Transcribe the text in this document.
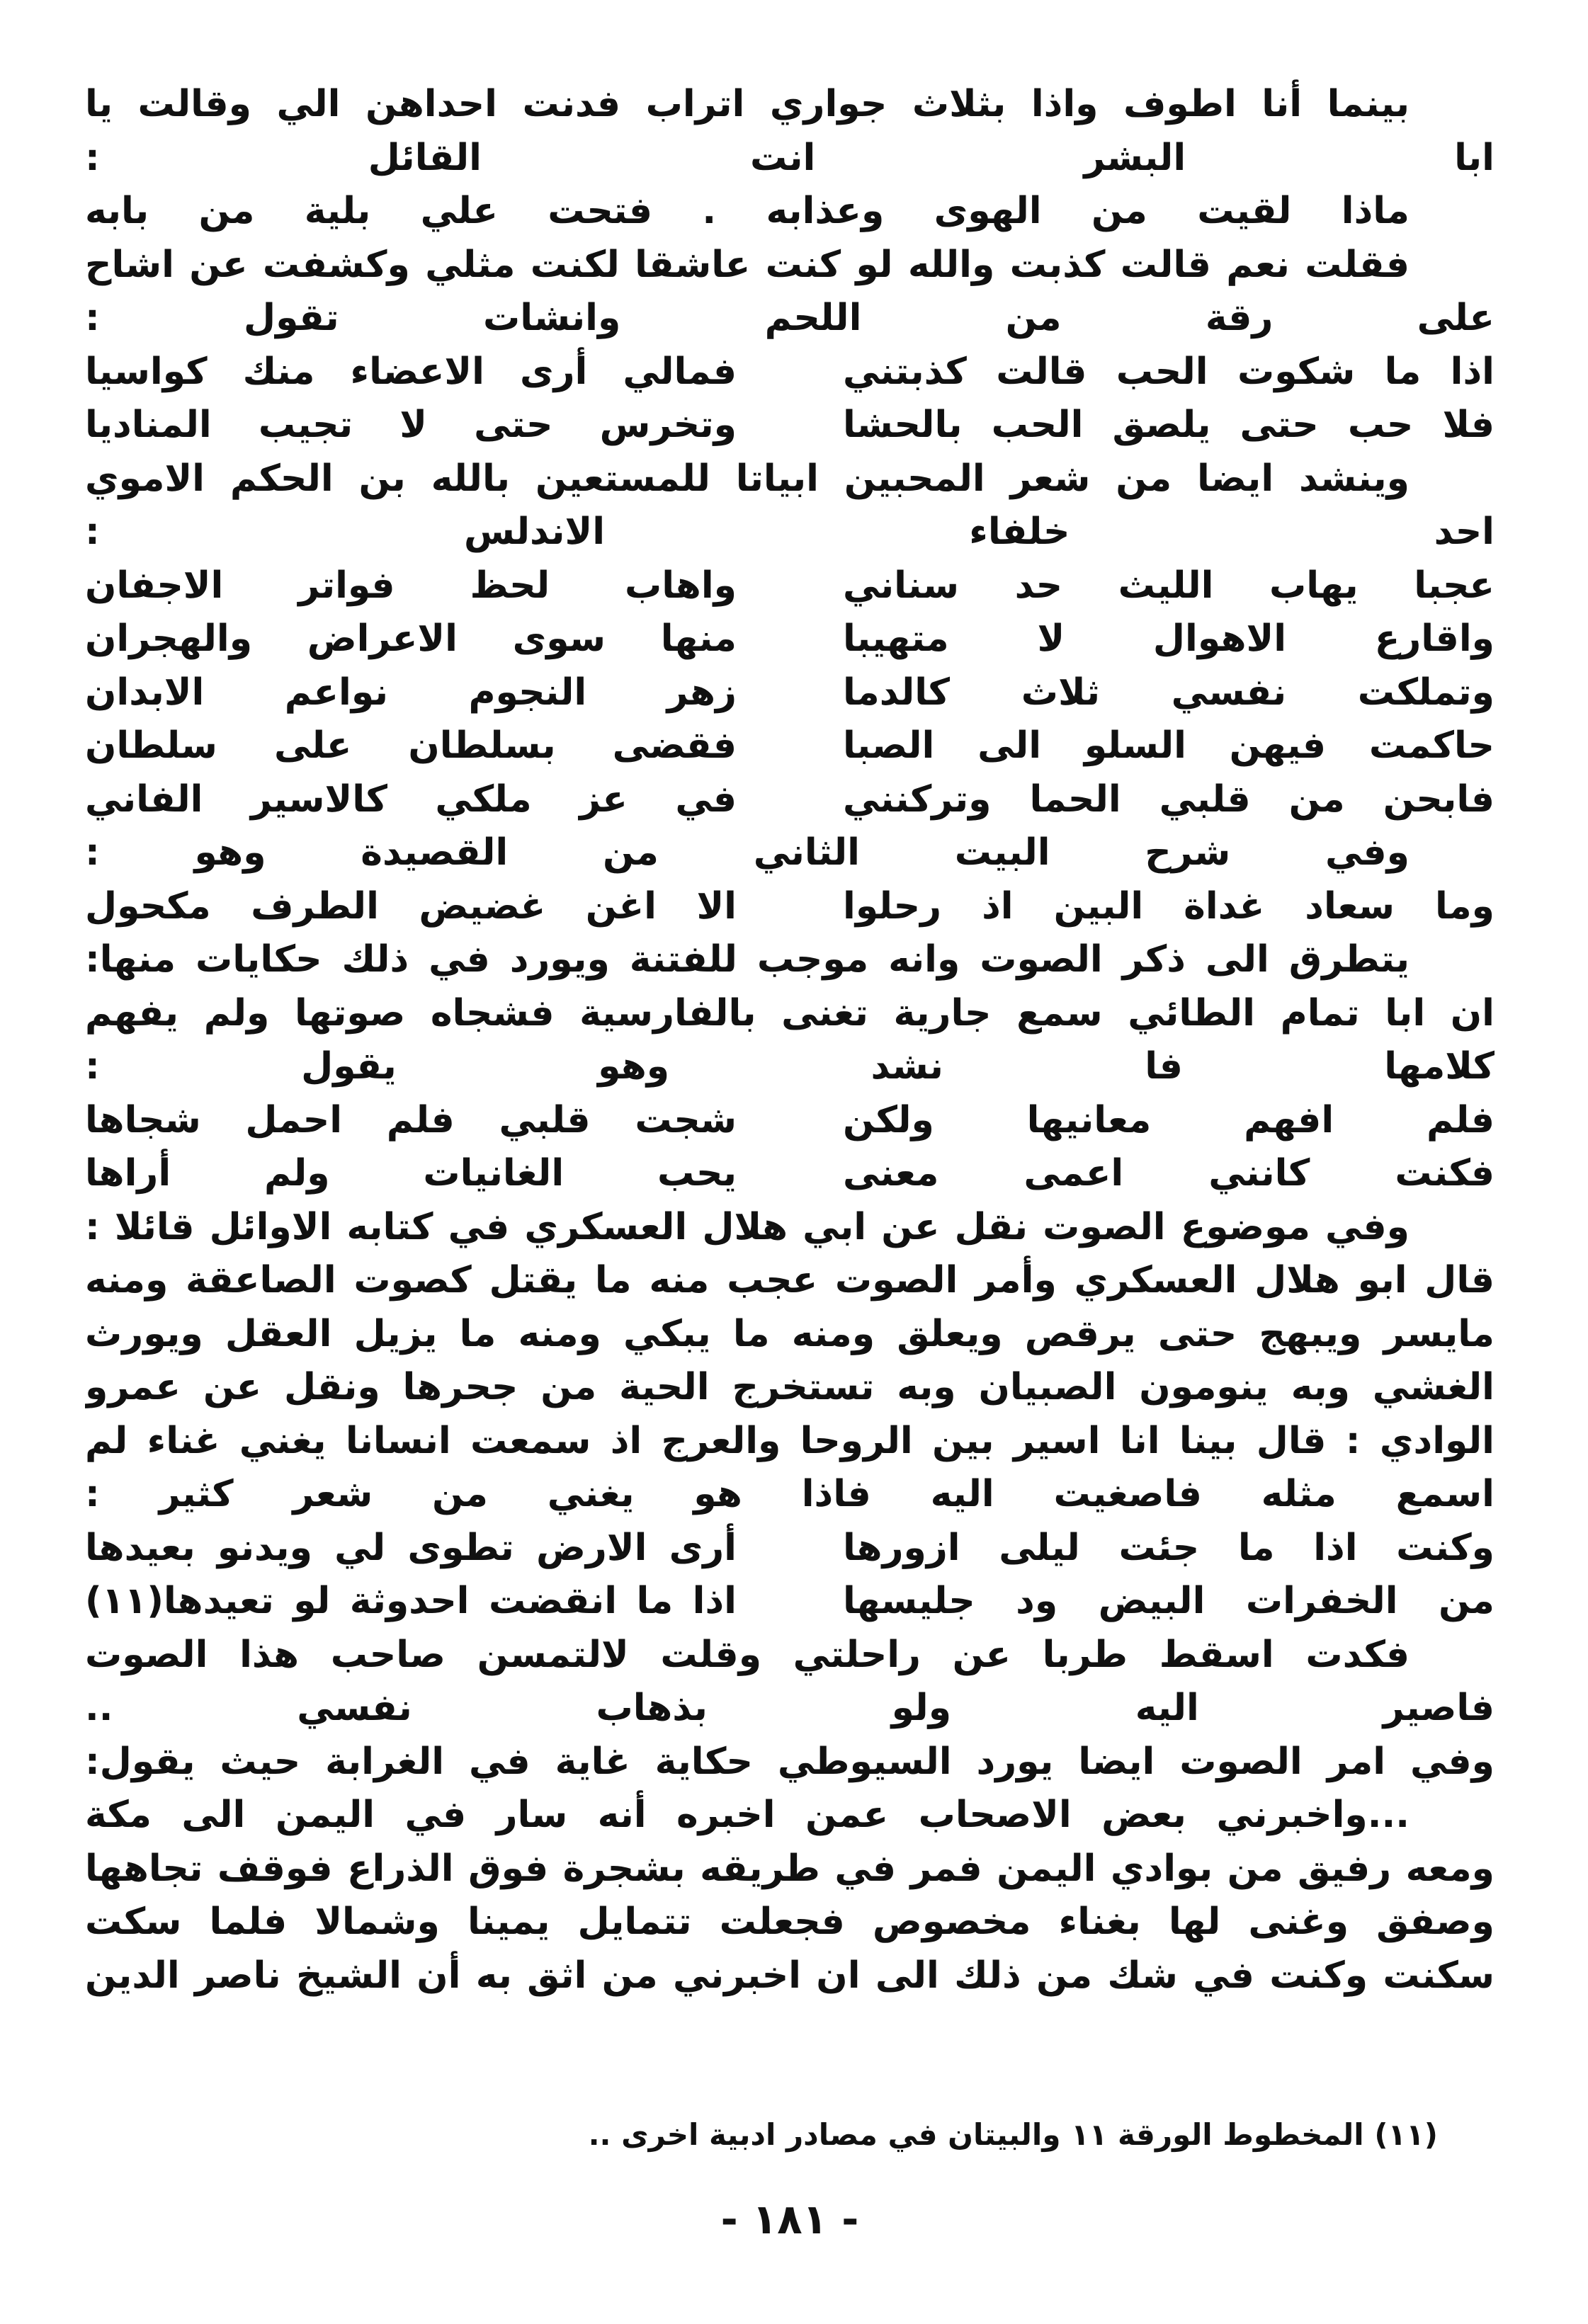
بينما أنا اطوف واذا بثلاث جواري اتراب فدنت احداهن الي وقالت يا
ابا البشر انت القائل :
ماذا لقيت من الهوى وعذابه . فتحت علي بلية من بابه
فقلت نعم قالت كذبت والله لو كنت عاشقا لكنت مثلي وكشفت عن اشاح
على رقة من اللحم وانشات تقول :
اذا ما شكوت الحب قالت كذبتني
فمالي أرى الاعضاء منك كواسيا
فلا حب حتى يلصق الحب بالحشا
وتخرس حتى لا تجيب المناديا
وينشد ايضا من شعر المحبين ابياتا للمستعين بالله بن الحكم الاموي
احد خلفاء الاندلس :
عجبا يهاب الليث حد سناني
واهاب لحظ فواتر الاجفان
واقارع الاهوال لا متهيبا
منها سوى الاعراض والهجران
وتملكت نفسي ثلاث كالدما
زهر النجوم نواعم الابدان
حاكمت فيهن السلو الى الصبا
فقضى بسلطان على سلطان
فابحن من قلبي الحما وتركنني
في عز ملكي كالاسير الفاني
وفي شرح البيت الثاني من القصيدة وهو :
وما سعاد غداة البين اذ رحلوا
الا اغن غضيض الطرف مكحول
يتطرق الى ذكر الصوت وانه موجب للفتنة ويورد في ذلك حكايات منها:
ان ابا تمام الطائي سمع جارية تغنى بالفارسية فشجاه صوتها ولم يفهم
كلامها فا نشد وهو يقول :
فلم افهم معانيها ولكن
شجت قلبي فلم احمل شجاها
فكنت كانني اعمى معنى
يحب الغانيات ولم أراها
وفي موضوع الصوت نقل عن ابي هلال العسكري في كتابه الاوائل قائلا :
قال ابو هلال العسكري وأمر الصوت عجب منه ما يقتل كصوت الصاعقة ومنه
مايسر ويبهج حتى يرقص ويعلق ومنه ما يبكي ومنه ما يزيل العقل ويورث
الغشي وبه ينومون الصبيان وبه تستخرج الحية من جحرها ونقل عن عمرو
الوادي : قال بينا انا اسير بين الروحا والعرج اذ سمعت انسانا يغني غناء لم
اسمع مثله فاصغيت اليه فاذا هو يغني من شعر كثير :
وكنت اذا ما جئت ليلى ازورها
أرى الارض تطوى لي ويدنو بعيدها
من الخفرات البيض ود جليسها
اذا ما انقضت احدوثة لو تعيدها(١١)
فكدت اسقط طربا عن راحلتي وقلت لالتمسن صاحب هذا الصوت
فاصير اليه ولو بذهاب نفسي ..
وفي امر الصوت ايضا يورد السيوطي حكاية غاية في الغرابة حيث يقول:
...واخبرني بعض الاصحاب عمن اخبره أنه سار في اليمن الى مكة
ومعه رفيق من بوادي اليمن فمر في طريقه بشجرة فوق الذراع فوقف تجاهها
وصفق وغنى لها بغناء مخصوص فجعلت تتمايل يمينا وشمالا فلما سكت
سكنت وكنت في شك من ذلك الى ان اخبرني من اثق به أن الشيخ ناصر الدين
(١١) المخطوط الورقة ١١ والبيتان في مصادر ادبية اخرى ..
- ١٨١ -
